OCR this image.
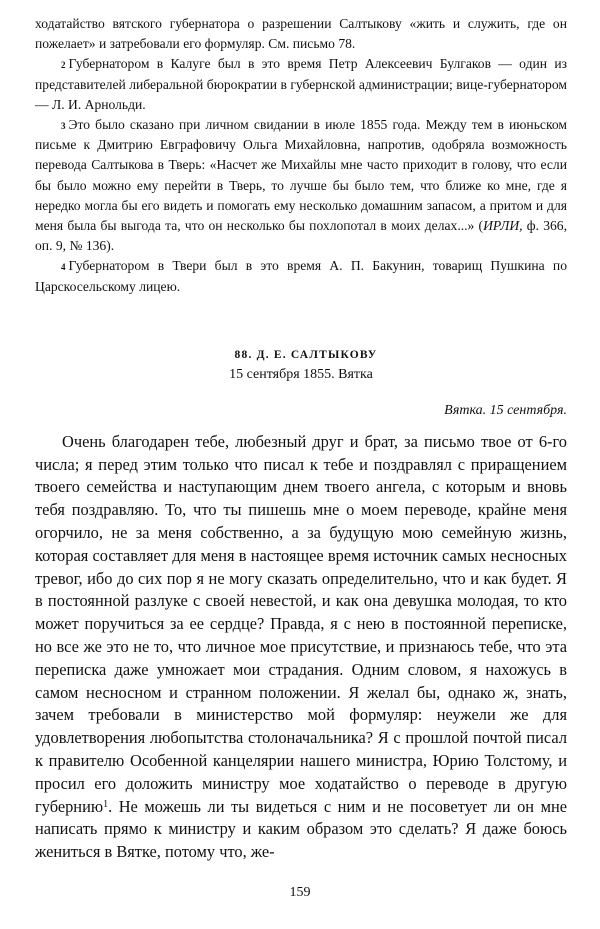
ходатайство вятского губернатора о разрешении Салтыкову «жить и служить, где он пожелает» и затребовали его формуляр. См. письмо 78.

$^2$ Губернатором в Калуге был в это время Петр Алексеевич Булгаков — один из представителей либеральной бюрократии в губернской администрации; вице-губернатором — Л. И. Арнольди.

$^3$ Это было сказано при личном свидании в июле 1855 года. Между тем в июньском письме к Дмитрию Евграфовичу Ольга Михайловна, напротив, одобряла возможность перевода Салтыкова в Тверь: «Насчет же Михайлы мне часто приходит в голову, что если бы было можно ему перейти в Тверь, то лучше бы было тем, что ближе ко мне, где я нередко могла бы его видеть и помогать ему несколько домашним запасом, а притом и для меня была бы выгода та, что он несколько бы похлопотал в моих делах...» (ИРЛИ, ф. 366, оп. 9, № 136).

$^4$ Губернатором в Твери был в это время А. П. Бакунин, товарищ Пушкина по Царскосельскому лицею.

88. Д. Е. САЛТЫКОВУ
15 сентября 1855. Вятка
Вятка. 15 сентября.

Очень благодарен тебе, любезный друг и брат, за письмо твое от 6-го числа; я перед этим только что писал к тебе и поздравлял с приращением твоего семейства и наступающим днем твоего ангела, с которым и вновь тебя поздравляю. То, что ты пишешь мне о моем переводе, крайне меня огорчило, не за меня собственно, а за будущую мою семейную жизнь, которая составляет для меня в настоящее время источник самых несносных тревог, ибо до сих пор я не могу сказать определительно, что и как будет. Я в постоянной разлуке с своей невестой, и как она девушка молодая, то кто может поручиться за ее сердце? Правда, я с нею в постоянной переписке, но все же это не то, что личное мое присутствие, и признаюсь тебе, что эта переписка даже умножает мои страдания. Одним словом, я нахожусь в самом несносном и странном положении. Я желал бы, однако ж, знать, зачем требовали в министерство мой формуляр: неужели же для удовлетворения любопытства столоначальника? Я с прошлой почтой писал к правителю Особенной канцелярии нашего министра, Юрию Толстому, и просил его доложить министру мое ходатайство о переводе в другую губернию$^1$. Не можешь ли ты видеться с ним и не посоветует ли он мне написать прямо к министру и каким образом это сделать? Я даже боюсь жениться в Вятке, потому что, же-

159
